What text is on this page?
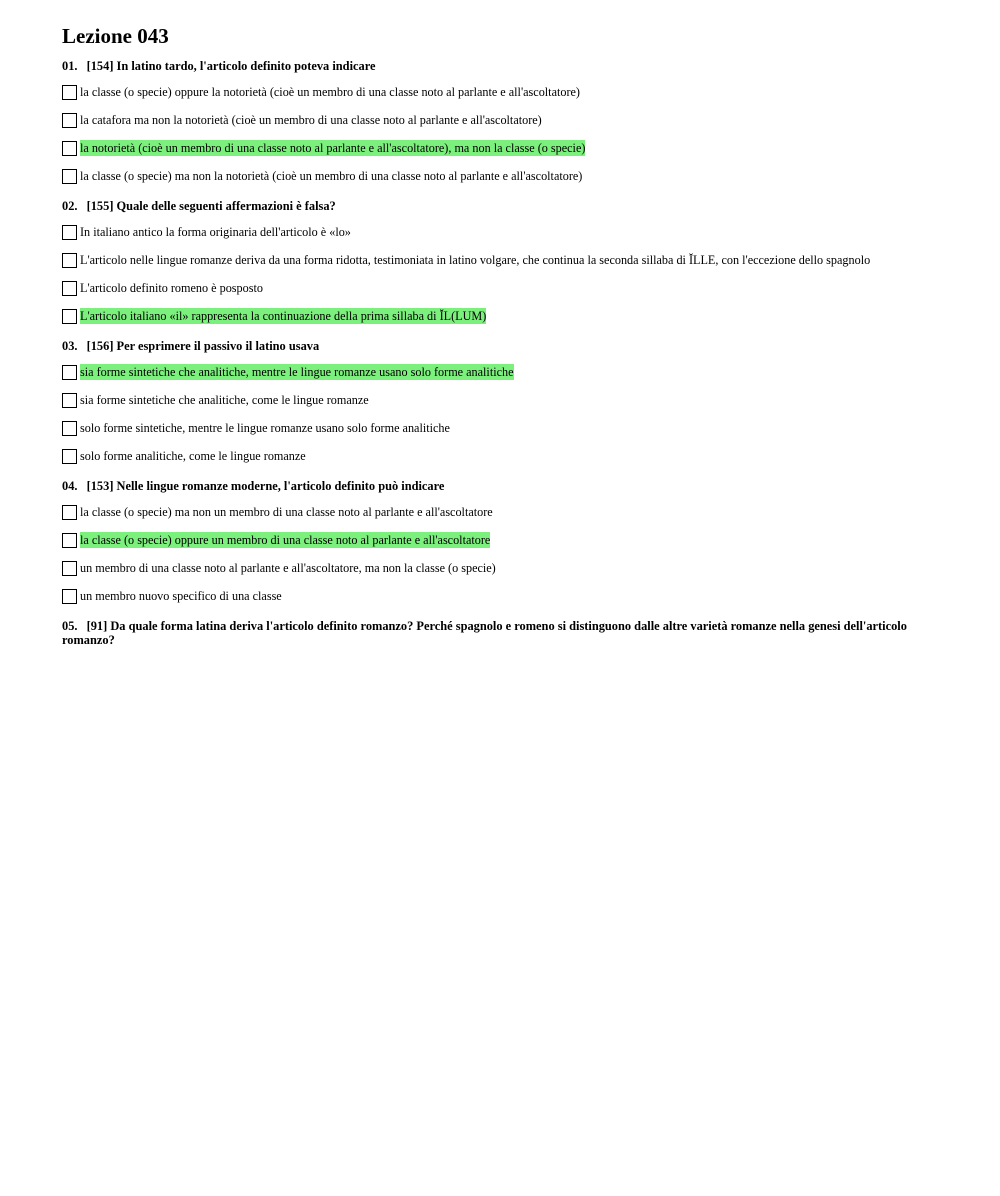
Lezione 043
01. [154] In latino tardo, l'articolo definito poteva indicare
la classe (o specie) oppure la notorietà (cioè un membro di una classe noto al parlante e all'ascoltatore)
la catafora ma non la notorietà (cioè un membro di una classe noto al parlante e all'ascoltatore)
la notorietà (cioè un membro di una classe noto al parlante e all'ascoltatore), ma non la classe (o specie)
la classe (o specie) ma non la notorietà (cioè un membro di una classe noto al parlante e all'ascoltatore)
02. [155] Quale delle seguenti affermazioni è falsa?
In italiano antico la forma originaria dell'articolo è «lo»
L'articolo nelle lingue romanze deriva da una forma ridotta, testimoniata in latino volgare, che continua la seconda sillaba di ĬLLE, con l'eccezione dello spagnolo
L'articolo definito romeno è posposto
L'articolo italiano «il» rappresenta la continuazione della prima sillaba di ĬL(LUM)
03. [156] Per esprimere il passivo il latino usava
sia forme sintetiche che analitiche, mentre le lingue romanze usano solo forme analitiche
sia forme sintetiche che analitiche, come le lingue romanze
solo forme sintetiche, mentre le lingue romanze usano solo forme analitiche
solo forme analitiche, come le lingue romanze
04. [153] Nelle lingue romanze moderne, l'articolo definito può indicare
la classe (o specie) ma non un membro di una classe noto al parlante e all'ascoltatore
la classe (o specie) oppure un membro di una classe noto al parlante e all'ascoltatore
un membro di una classe noto al parlante e all'ascoltatore, ma non la classe (o specie)
un membro nuovo specifico di una classe
05. [91] Da quale forma latina deriva l'articolo definito romanzo? Perché spagnolo e romeno si distinguono dalle altre varietà romanze nella genesi dell'articolo romanzo?
